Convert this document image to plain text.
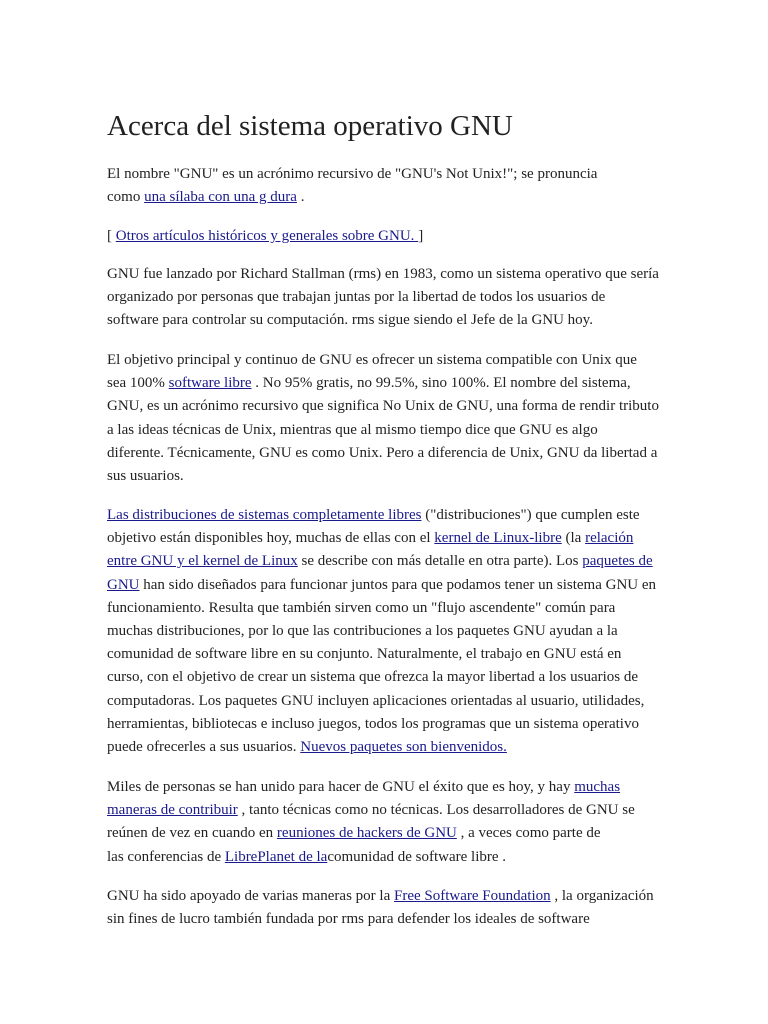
Acerca del sistema operativo GNU
El nombre "GNU" es un acrónimo recursivo de "GNU's Not Unix!"; se pronuncia
como una sílaba con una g dura .
[ Otros artículos históricos y generales sobre GNU. ]
GNU fue lanzado por Richard Stallman (rms) en 1983, como un sistema operativo que sería
organizado por personas que trabajan juntas por la libertad de todos los usuarios de
software para controlar su computación. rms sigue siendo el Jefe de la GNU hoy.
El objetivo principal y continuo de GNU es ofrecer un sistema compatible con Unix que
sea 100% software libre . No 95% gratis, no 99.5%, sino 100%. El nombre del sistema,
GNU, es un acrónimo recursivo que significa No Unix de GNU, una forma de rendir tributo
a las ideas técnicas de Unix, mientras que al mismo tiempo dice que GNU es algo
diferente. Técnicamente, GNU es como Unix. Pero a diferencia de Unix, GNU da libertad a
sus usuarios.
Las distribuciones de sistemas completamente libres ("distribuciones") que cumplen este
objetivo están disponibles hoy, muchas de ellas con el kernel de Linux-libre (la relación
entre GNU y el kernel de Linux se describe con más detalle en otra parte). Los paquetes de
GNU han sido diseñados para funcionar juntos para que podamos tener un sistema GNU en
funcionamiento. Resulta que también sirven como un "flujo ascendente" común para
muchas distribuciones, por lo que las contribuciones a los paquetes GNU ayudan a la
comunidad de software libre en su conjunto. Naturalmente, el trabajo en GNU está en
curso, con el objetivo de crear un sistema que ofrezca la mayor libertad a los usuarios de
computadoras. Los paquetes GNU incluyen aplicaciones orientadas al usuario, utilidades,
herramientas, bibliotecas e incluso juegos, todos los programas que un sistema operativo
puede ofrecerles a sus usuarios. Nuevos paquetes son bienvenidos.
Miles de personas se han unido para hacer de GNU el éxito que es hoy, y hay muchas
maneras de contribuir , tanto técnicas como no técnicas. Los desarrolladores de GNU se
reúnen de vez en cuando en reuniones de hackers de GNU , a veces como parte de
las conferencias de LibrePlanet de lacomunidad de software libre .
GNU ha sido apoyado de varias maneras por la Free Software Foundation , la organización
sin fines de lucro también fundada por rms para defender los ideales de software
